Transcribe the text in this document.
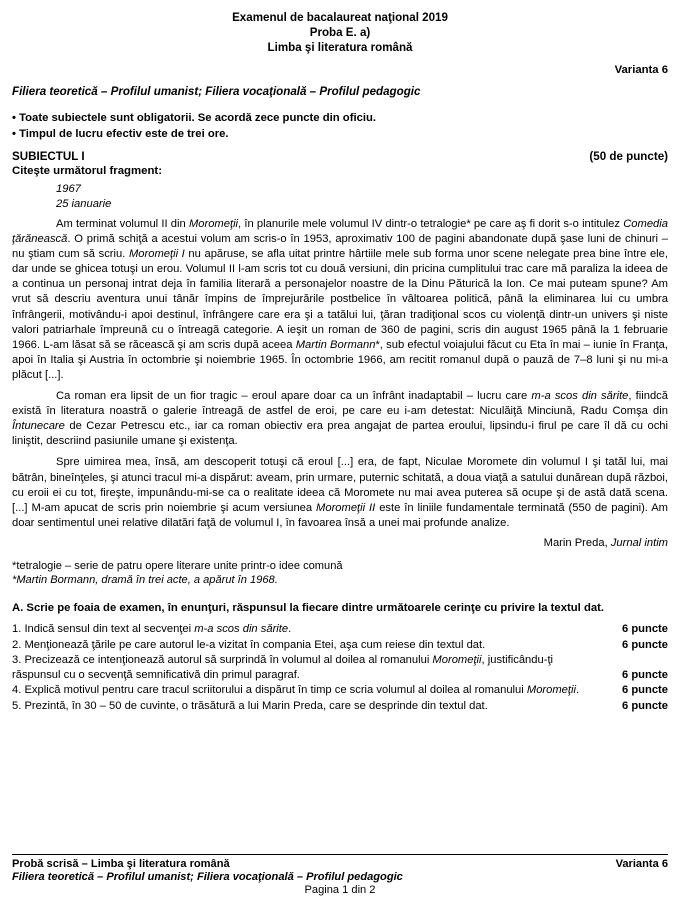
Examenul de bacalaureat naţional 2019
Proba E. a)
Limba şi literatura română
Varianta 6
Filiera teoretică – Profilul umanist; Filiera vocaţională – Profilul pedagogic
• Toate subiectele sunt obligatorii. Se acordă zece puncte din oficiu.
• Timpul de lucru efectiv este de trei ore.
SUBIECTUL I	(50 de puncte)
Citeşte următorul fragment:
1967
25 ianuarie
Am terminat volumul II din Moromeţii, în planurile mele volumul IV dintr-o tetralogie* pe care aş fi dorit s-o intitulez Comedia ţărănească. O primă schiţă a acestui volum am scris-o în 1953, aproximativ 100 de pagini abandonate după şase luni de chinuri – nu ştiam cum să scriu. Moromeţii I nu apăruse, se afla uitat printre hârtiile mele sub forma unor scene nelegate prea bine între ele, dar unde se ghicea totuşi un erou. Volumul II l-am scris tot cu două versiuni, din pricina cumplitului trac care mă paraliza la ideea de a continua un personaj intrat deja în familia literară a personajelor noastre de la Dinu Păturică la Ion. Ce mai puteam spune? Am vrut să descriu aventura unui tânăr împins de împrejurările postbelice în vâltoarea politică, până la eliminarea lui cu umbra înfrângerii, motivându-i apoi destinul, înfrângere care era şi a tatălui lui, ţăran tradiţional scos cu violenţă dintr-un univers şi niste valori patriarhale împreună cu o întreagă categorie. A ieşit un roman de 360 de pagini, scris din august 1965 până la 1 februarie 1966. L-am lăsat să se răcească şi am scris după aceea Martin Bormann*, sub efectul voiajului făcut cu Eta în mai – iunie în Franţa, apoi în Italia şi Austria în octombrie şi noiembrie 1965. În octombrie 1966, am recitit romanul după o pauză de 7–8 luni şi nu mi-a plăcut [...].
Ca roman era lipsit de un fior tragic – eroul apare doar ca un înfrânt inadaptabil – lucru care m-a scos din sărite, fiindcă există în literatura noastră o galerie întreagă de astfel de eroi, pe care eu i-am detestat: Niculăiţă Minciună, Radu Comşa din Întunecare de Cezar Petrescu etc., iar ca roman obiectiv era prea angajat de partea eroului, lipsindu-i firul pe care îl dă cu ochi liniştit, descriind pasiunile umane şi existenţa.
Spre uimirea mea, însă, am descoperit totuşi că eroul [...] era, de fapt, Niculae Moromete din volumul I şi tatăl lui, mai bătrân, bineînţeles, şi atunci tracul mi-a dispărut: aveam, prin urmare, puternic schitată, a doua viaţă a satului dunărean după război, cu eroii ei cu tot, fireşte, impunându-mi-se ca o realitate ideea că Moromete nu mai avea puterea să ocupe şi de astă dată scena. [...] M-am apucat de scris prin noiembrie şi acum versiunea Moromeţii II este în liniile fundamentale terminată (550 de pagini). Am doar sentimentul unei relative dilatări faţă de volumul I, în favoarea însă a unei mai profunde analize.
Marin Preda, Jurnal intim
*tetralogie – serie de patru opere literare unite printr-o idee comună
*Martin Bormann, dramă în trei acte, a apărut în 1968.
A. Scrie pe foaia de examen, în enunţuri, răspunsul la fiecare dintre următoarele cerinţe cu privire la textul dat.
1. Indică sensul din text al secvenţei m-a scos din sărite.	6 puncte
2. Menţionează ţările pe care autorul le-a vizitat în compania Etei, aşa cum reiese din textul dat.	6 puncte
3. Precizează ce intenţionează autorul să surprindă în volumul al doilea al romanului Moromeţii, justificându-ţi răspunsul cu o secvenţă semnificativă din primul paragraf.	6 puncte
4. Explică motivul pentru care tracul scriitorului a dispărut în timp ce scria volumul al doilea al romanului Moromeţii.	6 puncte
5. Prezintă, în 30 – 50 de cuvinte, o trăsătură a lui Marin Preda, care se desprinde din textul dat.	6 puncte
Probă scrisă – Limba şi literatura română	Varianta 6
Filiera teoretică – Profilul umanist; Filiera vocaţională – Profilul pedagogic
Pagina 1 din 2
